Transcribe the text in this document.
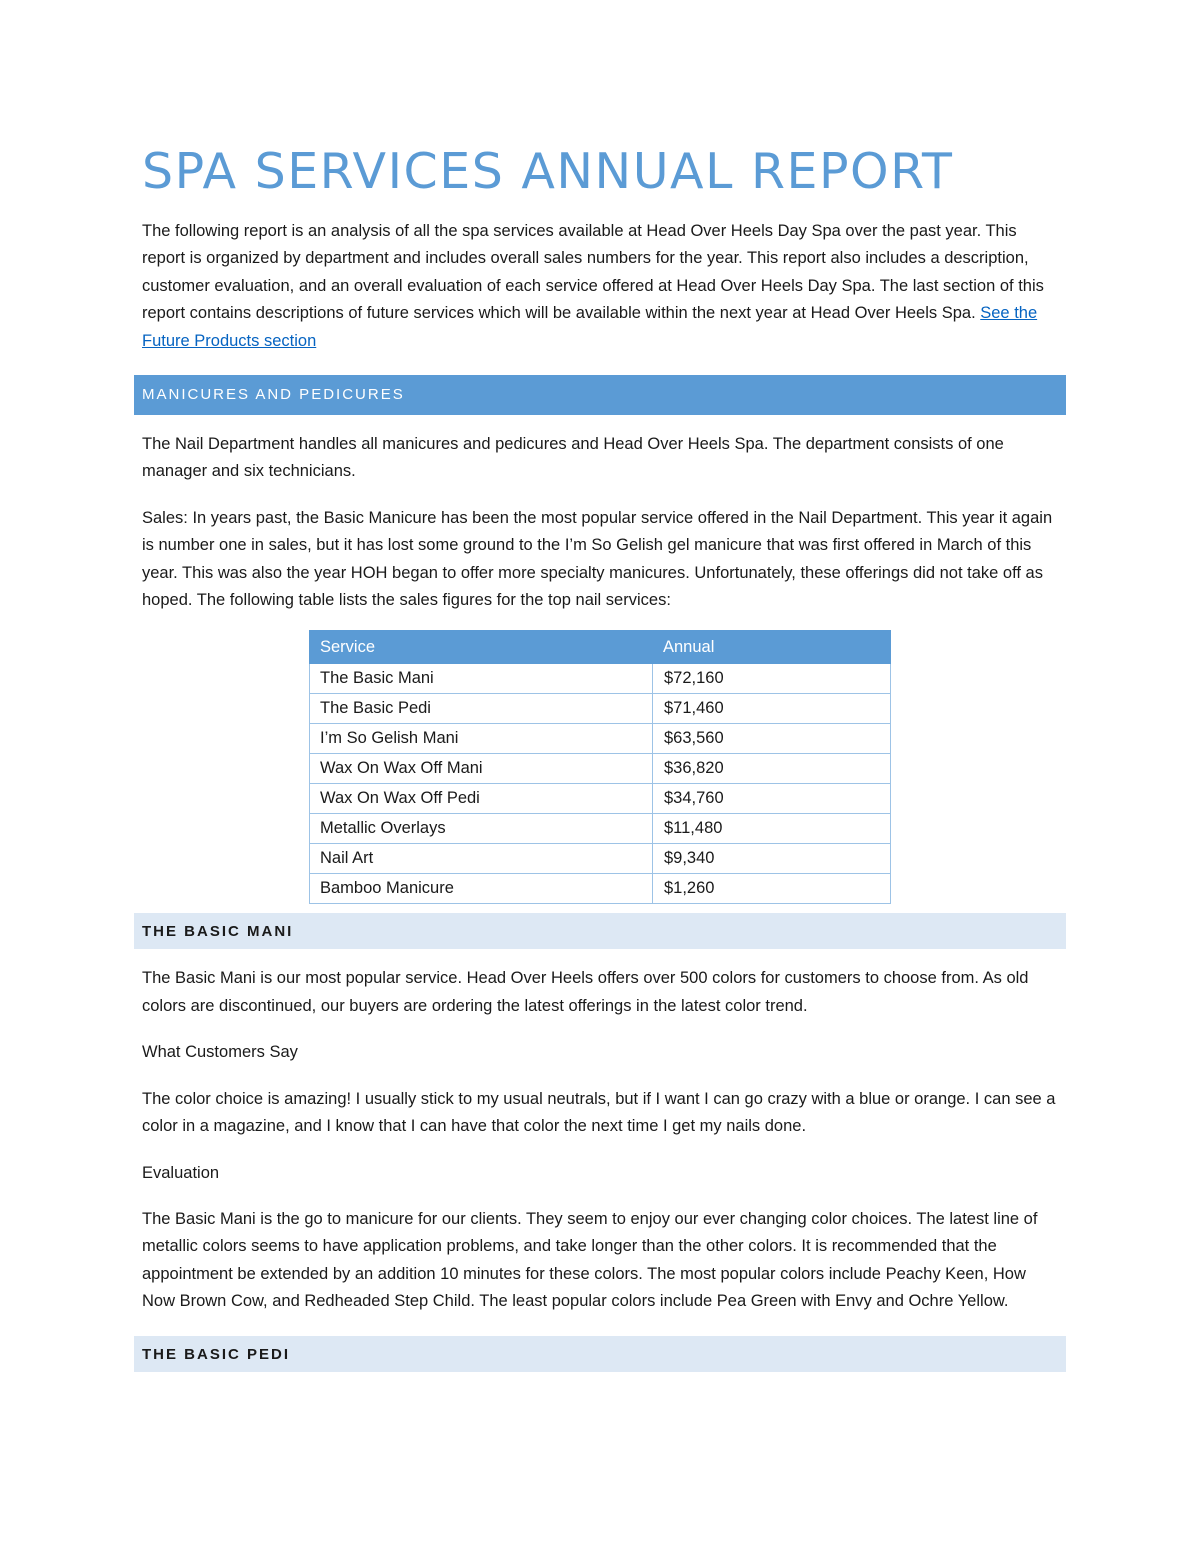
SPA SERVICES ANNUAL REPORT

The following report is an analysis of all the spa services available at Head Over Heels Day Spa over the past year. This report is organized by department and includes overall sales numbers for the year. This report also includes a description, customer evaluation, and an overall evaluation of each service offered at Head Over Heels Day Spa. The last section of this report contains descriptions of future services which will be available within the next year at Head Over Heels Spa. See the Future Products section

MANICURES AND PEDICURES

The Nail Department handles all manicures and pedicures and Head Over Heels Spa. The department consists of one manager and six technicians.

Sales: In years past, the Basic Manicure has been the most popular service offered in the Nail Department. This year it again is number one in sales, but it has lost some ground to the I’m So Gelish gel manicure that was first offered in March of this year. This was also the year HOH began to offer more specialty manicures. Unfortunately, these offerings did not take off as hoped. The following table lists the sales figures for the top nail services:

Service	Annual
The Basic Mani	$72,160
The Basic Pedi	$71,460
I’m So Gelish Mani	$63,560
Wax On Wax Off Mani	$36,820
Wax On Wax Off Pedi	$34,760
Metallic Overlays	$11,480
Nail Art	$9,340
Bamboo Manicure	$1,260
THE BASIC MANI

The Basic Mani is our most popular service. Head Over Heels offers over 500 colors for customers to choose from. As old colors are discontinued, our buyers are ordering the latest offerings in the latest color trend.

What Customers Say

The color choice is amazing! I usually stick to my usual neutrals, but if I want I can go crazy with a blue or orange. I can see a color in a magazine, and I know that I can have that color the next time I get my nails done.

Evaluation

The Basic Mani is the go to manicure for our clients. They seem to enjoy our ever changing color choices. The latest line of metallic colors seems to have application problems, and take longer than the other colors. It is recommended that the appointment be extended by an addition 10 minutes for these colors. The most popular colors include Peachy Keen, How Now Brown Cow, and Redheaded Step Child. The least popular colors include Pea Green with Envy and Ochre Yellow.

THE BASIC PEDI
